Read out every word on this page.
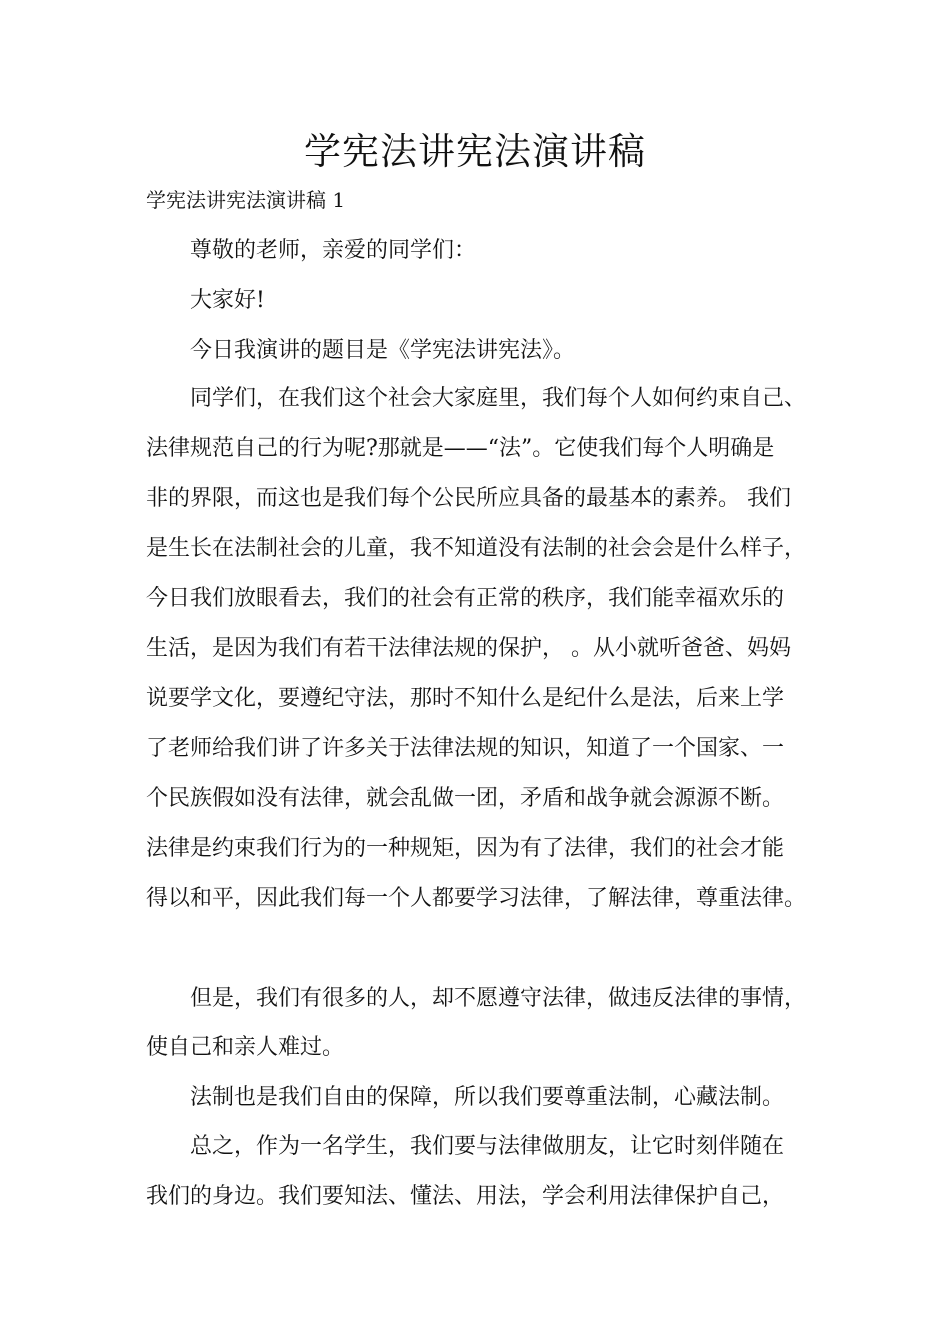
学宪法讲宪法演讲稿

学宪法讲宪法演讲稿 1

尊敬的老师，亲爱的同学们：

大家好!

今日我演讲的题目是《学宪法讲宪法》。

同学们，在我们这个社会大家庭里，我们每个人如何约束自己、

法律规范自己的行为呢?那就是——“法”。它使我们每个人明确是

非的界限，而这也是我们每个公民所应具备的最基本的素养。 我们

是生长在法制社会的儿童，我不知道没有法制的社会会是什么样子，

今日我们放眼看去，我们的社会有正常的秩序，我们能幸福欢乐的

生活，是因为我们有若干法律法规的保护， 。从小就听爸爸、妈妈

说要学文化，要遵纪守法，那时不知什么是纪什么是法，后来上学

了老师给我们讲了许多关于法律法规的知识，知道了一个国家、一

个民族假如没有法律，就会乱做一团，矛盾和战争就会源源不断。

法律是约束我们行为的一种规矩，因为有了法律，我们的社会才能

得以和平，因此我们每一个人都要学习法律，了解法律，尊重法律。

但是，我们有很多的人，却不愿遵守法律，做违反法律的事情，

使自己和亲人难过。

法制也是我们自由的保障，所以我们要尊重法制，心藏法制。

总之，作为一名学生，我们要与法律做朋友，让它时刻伴随在

我们的身边。我们要知法、懂法、用法，学会利用法律保护自己，
